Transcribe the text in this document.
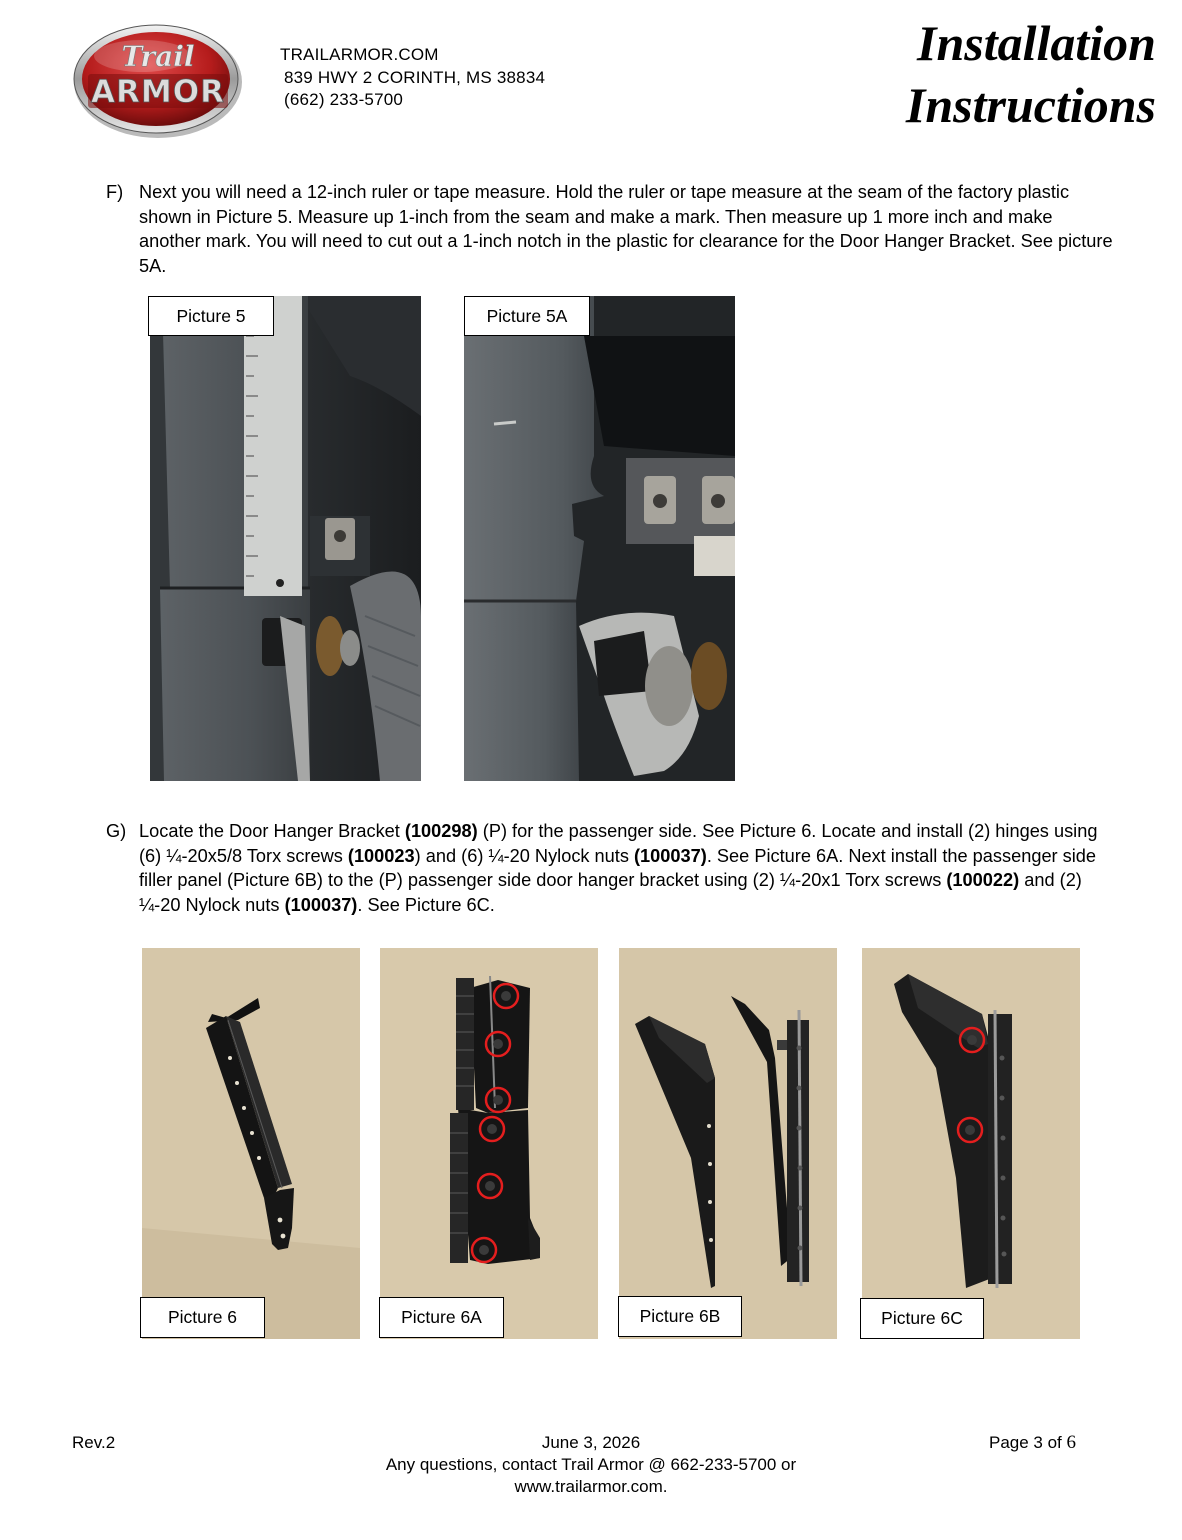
Trail
ARMOR
TRAILARMOR.COM
839 HWY 2 CORINTH, MS 38834
(662) 233-5700
Installation
Instructions
F) Next you will need a 12-inch ruler or tape measure. Hold the ruler or tape measure at the seam of the factory plastic shown in Picture 5. Measure up 1-inch from the seam and make a mark. Then measure up 1 more inch and make another mark. You will need to cut out a 1-inch notch in the plastic for clearance for the Door Hanger Bracket. See picture 5A.
Picture 5	Picture 5A
G) Locate the Door Hanger Bracket (100298) (P) for the passenger side. See Picture 6. Locate and install (2) hinges using (6) ¼-20x5/8 Torx screws (100023) and (6) ¼-20 Nylock nuts (100037). See Picture 6A. Next install the passenger side filler panel (Picture 6B) to the (P) passenger side door hanger bracket using (2) ¼-20x1 Torx screws (100022) and (2) ¼-20 Nylock nuts (100037). See Picture 6C.
Picture 6	Picture 6A	Picture 6B	Picture 6C
Rev.2	June 3, 2026
Any questions, contact Trail Armor @ 662-233-5700 or
www.trailarmor.com.
Page 3 of 6
